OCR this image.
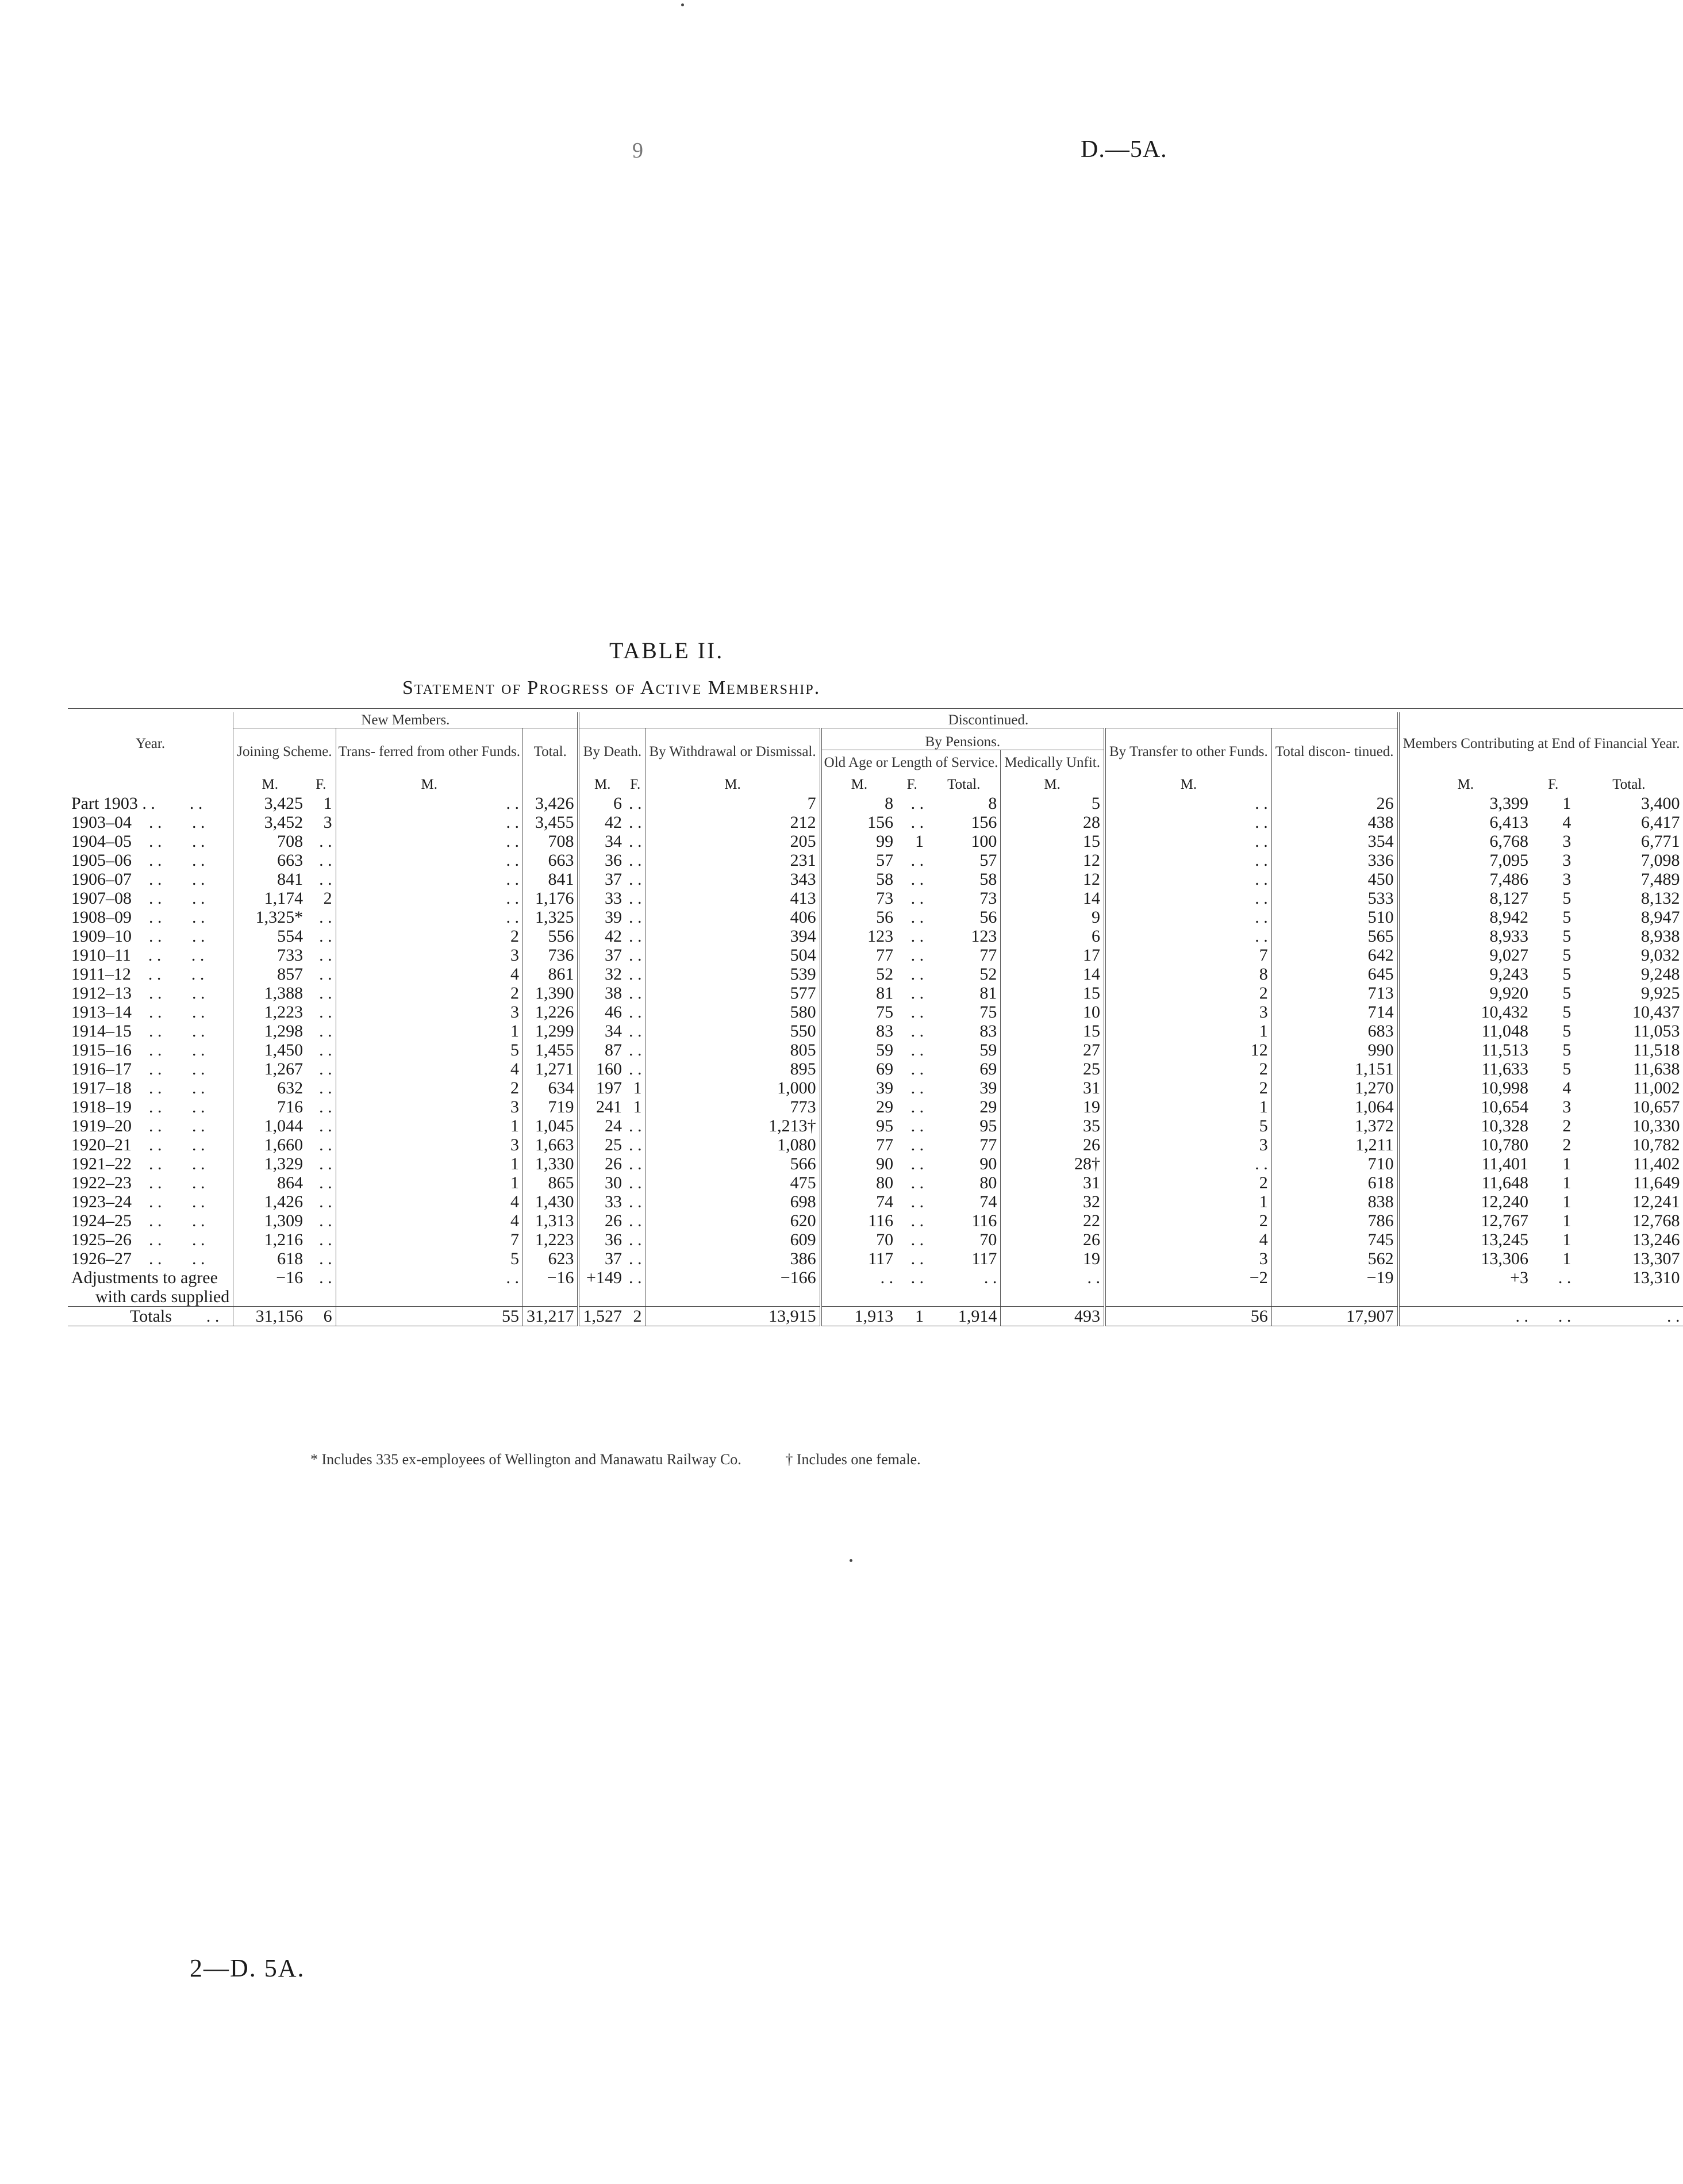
9	D.—5A.
TABLE II.
Statement of Progress of Active Membership.

Year.	New Members.				Discontinued.									Members Contributing at End of Financial Year.		
	Joining Scheme.		Trans- ferred from other Funds.	Total.	By Death.		By Withdrawal or Dismissal.	By Pensions.				By Transfer to other Funds.	Total discon- tinued.			
								Old Age or Length of Service.			Medically Unfit.					
	M.	F.	M.		M.	F.	M.	M.	F.	Total.	M.	M.		M.	F.	Total.
Part 1903 . .        . .	3,425	1	. .	3,426	6	. .	7	8	. .	8	5	. .	26	3,399	1	3,400
1903–04    . .       . .	3,452	3	. .	3,455	42	. .	212	156	. .	156	28	. .	438	6,413	4	6,417
1904–05    . .       . .	708	. .	. .	708	34	. .	205	99	1	100	15	. .	354	6,768	3	6,771
1905–06    . .       . .	663	. .	. .	663	36	. .	231	57	. .	57	12	. .	336	7,095	3	7,098
1906–07    . .       . .	841	. .	. .	841	37	. .	343	58	. .	58	12	. .	450	7,486	3	7,489
1907–08    . .       . .	1,174	2	. .	1,176	33	. .	413	73	. .	73	14	. .	533	8,127	5	8,132
1908–09    . .       . .	1,325*	. .	. .	1,325	39	. .	406	56	. .	56	9	. .	510	8,942	5	8,947
1909–10    . .       . .	554	. .	2	556	42	. .	394	123	. .	123	6	. .	565	8,933	5	8,938
1910–11    . .       . .	733	. .	3	736	37	. .	504	77	. .	77	17	7	642	9,027	5	9,032
1911–12    . .       . .	857	. .	4	861	32	. .	539	52	. .	52	14	8	645	9,243	5	9,248
1912–13    . .       . .	1,388	. .	2	1,390	38	. .	577	81	. .	81	15	2	713	9,920	5	9,925
1913–14    . .       . .	1,223	. .	3	1,226	46	. .	580	75	. .	75	10	3	714	10,432	5	10,437
1914–15    . .       . .	1,298	. .	1	1,299	34	. .	550	83	. .	83	15	1	683	11,048	5	11,053
1915–16    . .       . .	1,450	. .	5	1,455	87	. .	805	59	. .	59	27	12	990	11,513	5	11,518
1916–17    . .       . .	1,267	. .	4	1,271	160	. .	895	69	. .	69	25	2	1,151	11,633	5	11,638
1917–18    . .       . .	632	. .	2	634	197	1	1,000	39	. .	39	31	2	1,270	10,998	4	11,002
1918–19    . .       . .	716	. .	3	719	241	1	773	29	. .	29	19	1	1,064	10,654	3	10,657
1919–20    . .       . .	1,044	. .	1	1,045	24	. .	1,213†	95	. .	95	35	5	1,372	10,328	2	10,330
1920–21    . .       . .	1,660	. .	3	1,663	25	. .	1,080	77	. .	77	26	3	1,211	10,780	2	10,782
1921–22    . .       . .	1,329	. .	1	1,330	26	. .	566	90	. .	90	28†	. .	710	11,401	1	11,402
1922–23    . .       . .	864	. .	1	865	30	. .	475	80	. .	80	31	2	618	11,648	1	11,649
1923–24    . .       . .	1,426	. .	4	1,430	33	. .	698	74	. .	74	32	1	838	12,240	1	12,241
1924–25    . .       . .	1,309	. .	4	1,313	26	. .	620	116	. .	116	22	2	786	12,767	1	12,768
1925–26    . .       . .	1,216	. .	7	1,223	36	. .	609	70	. .	70	26	4	745	13,245	1	13,246
1926–27    . .       . .	618	. .	5	623	37	. .	386	117	. .	117	19	3	562	13,306	1	13,307
Adjustments to agree	−16	. .	. .	−16	+149	. .	−166	. .	. .	. .	. .	−2	−19	+3	. .	13,310
with cards supplied																
Totals        . .	31,156	6	55	31,217	1,527	2	13,915	1,913	1	1,914	493	56	17,907	. .	. .	. .
* Includes 335 ex-employees of Wellington and Manawatu Railway Co.	† Includes one female.
2—D. 5A.
